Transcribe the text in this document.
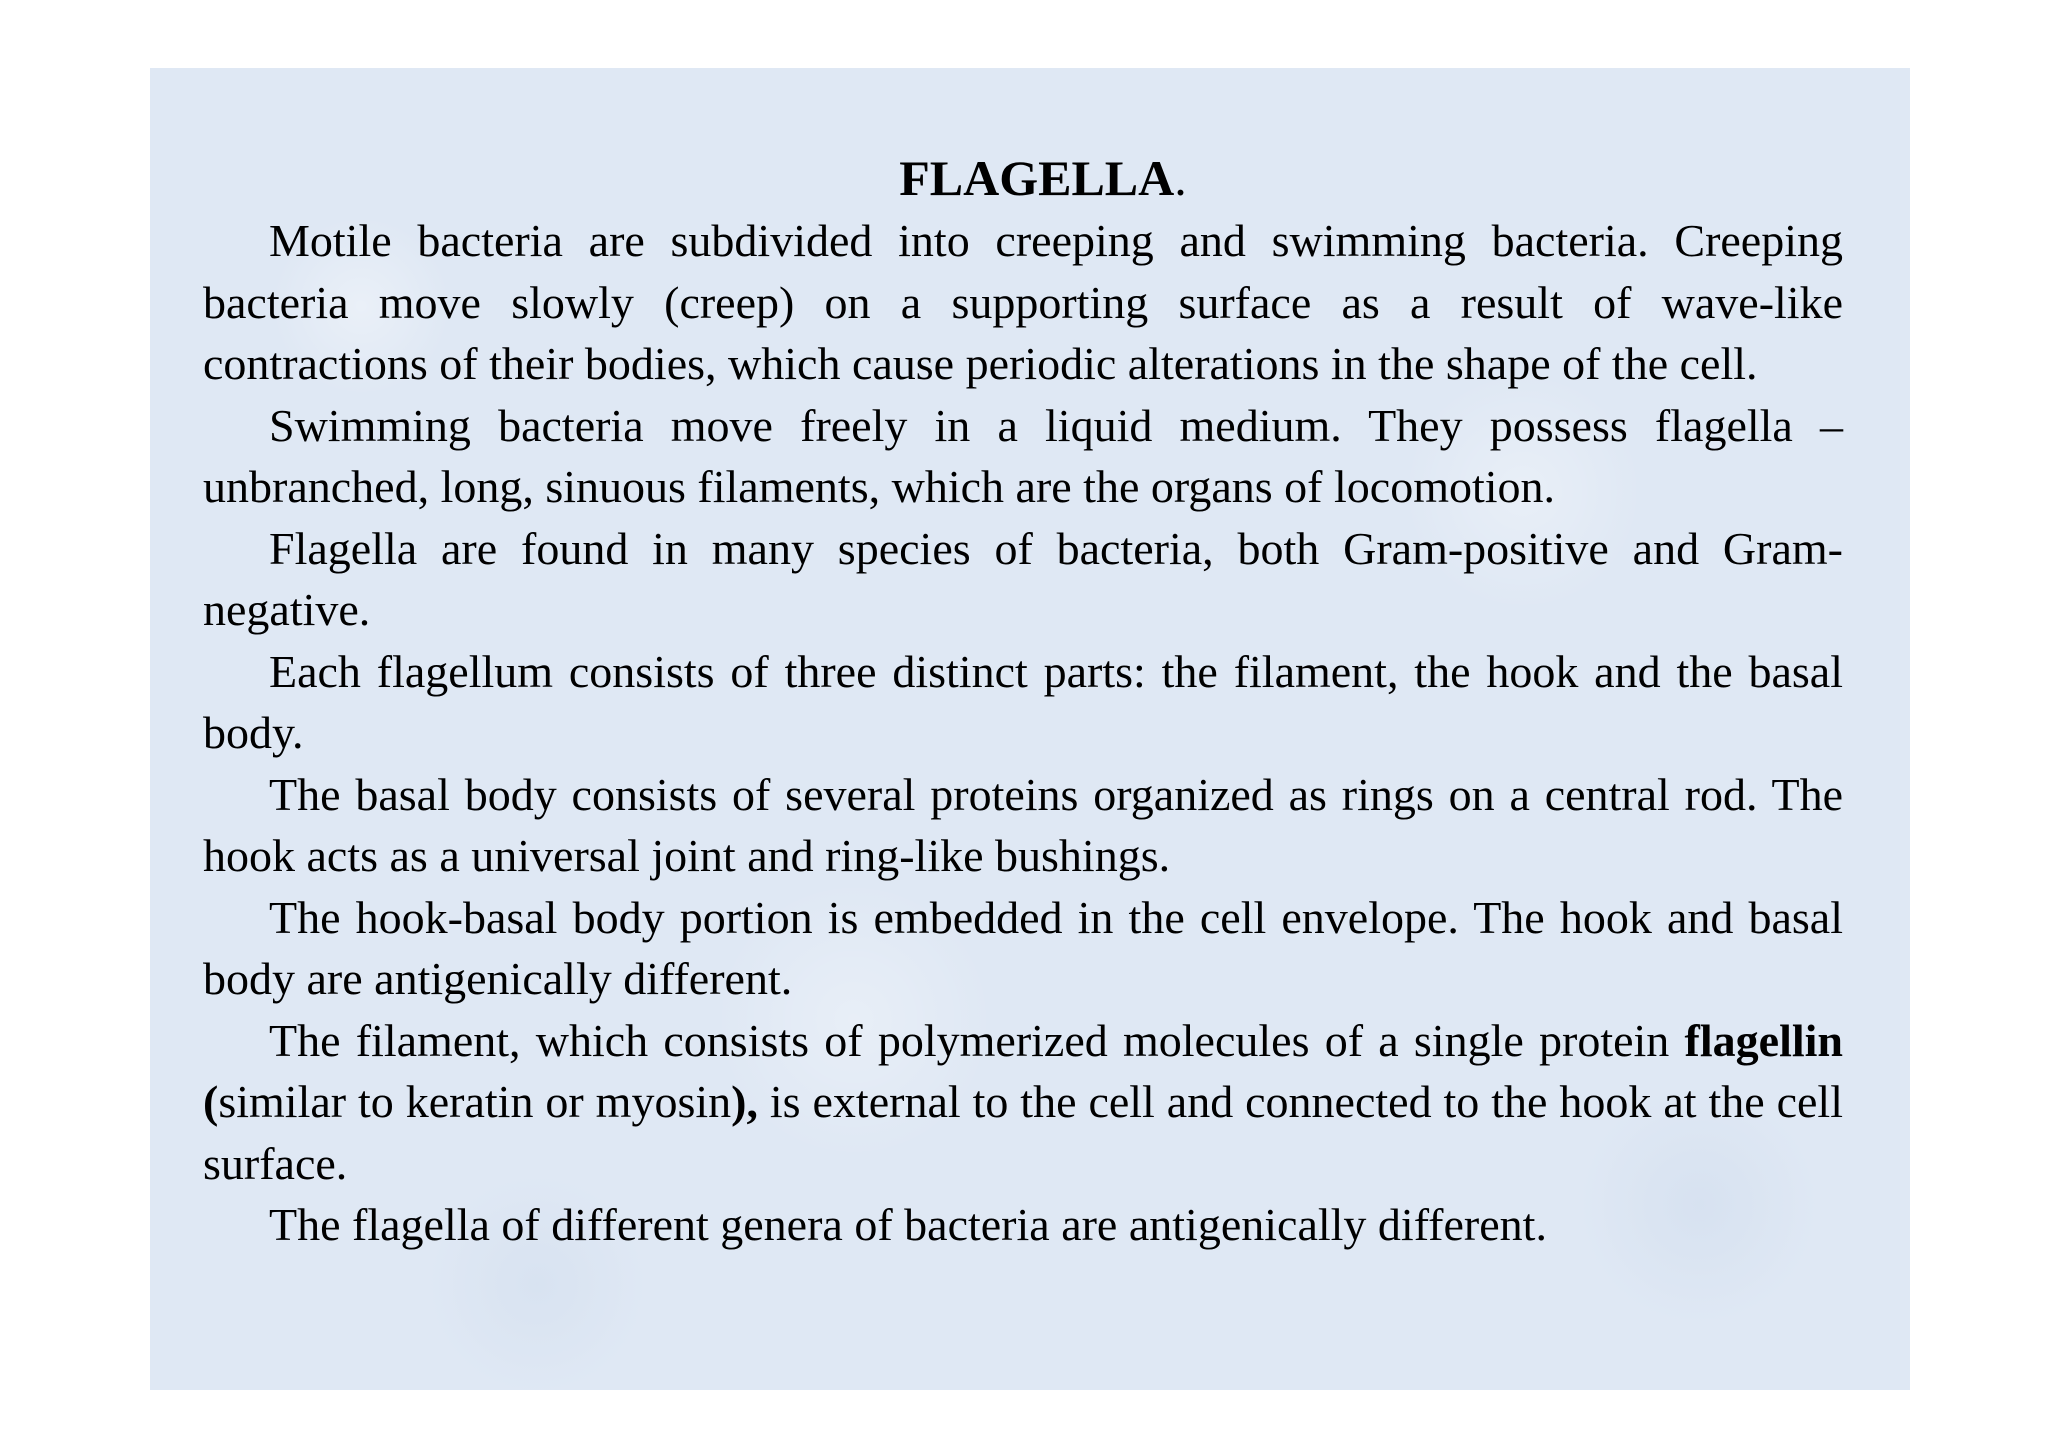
FLAGELLA.

Motile bacteria are subdivided into creeping and swimming bacteria. Creeping bacteria move slowly (creep) on a supporting surface as a result of wave-like contractions of their bodies, which cause periodic alterations in the shape of the cell.

Swimming bacteria move freely in a liquid medium. They possess flagella – unbranched, long, sinuous filaments, which are the organs of locomotion.

Flagella are found in many species of bacteria, both Gram-positive and Gram-negative.

Each flagellum consists of three distinct parts: the filament, the hook and the basal body.

The basal body consists of several proteins organized as rings on a central rod. The hook acts as a universal joint and ring-like bushings.

The hook-basal body portion is embedded in the cell envelope. The hook and basal body are antigenically different.

The filament, which consists of polymerized molecules of a single protein flagellin (similar to keratin or myosin), is external to the cell and connected to the hook at the cell surface.

The flagella of different genera of bacteria are antigenically different.
